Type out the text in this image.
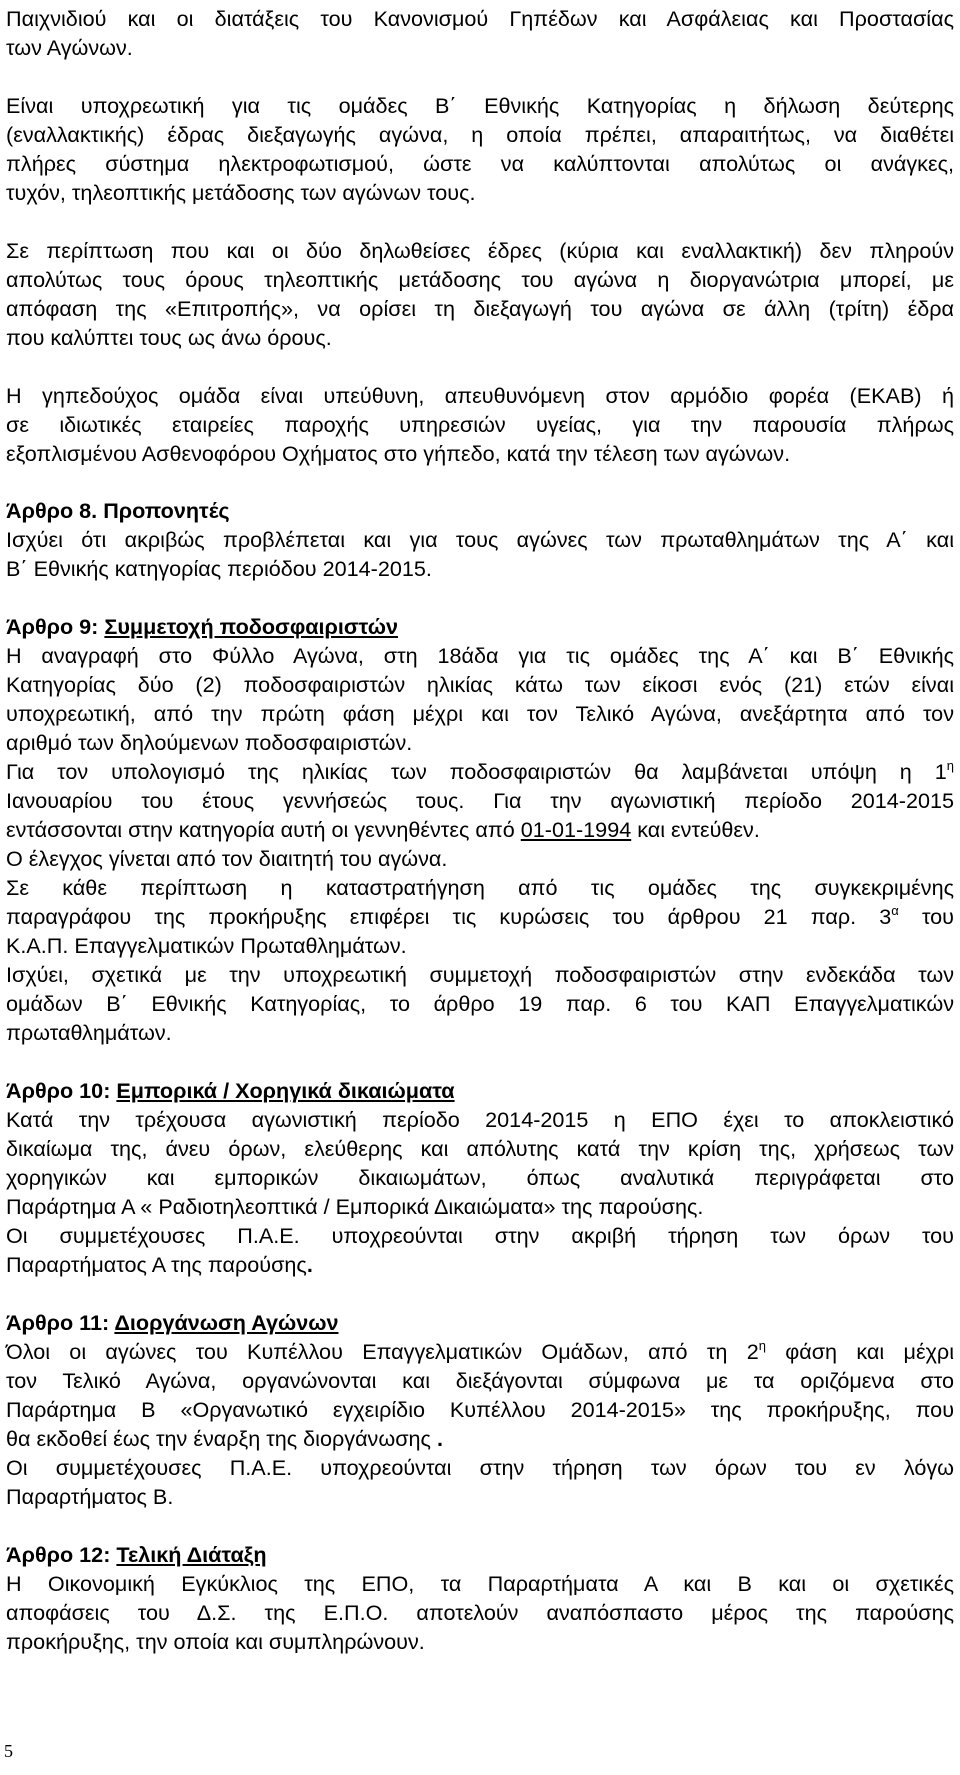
Παιχνιδιού και οι διατάξεις του Κανονισμού Γηπέδων και Ασφάλειας και Προστασίας
των Αγώνων.
Είναι υποχρεωτική για τις ομάδες Β΄ Εθνικής Κατηγορίας η δήλωση δεύτερης
(εναλλακτικής) έδρας διεξαγωγής αγώνα, η οποία πρέπει, απαραιτήτως, να διαθέτει
πλήρες σύστημα ηλεκτροφωτισμού, ώστε να καλύπτονται απολύτως οι ανάγκες,
τυχόν, τηλεοπτικής μετάδοσης των αγώνων τους.
Σε περίπτωση που και οι δύο δηλωθείσες έδρες (κύρια και εναλλακτική) δεν πληρούν
απολύτως τους όρους τηλεοπτικής μετάδοσης του αγώνα η διοργανώτρια μπορεί, με
απόφαση της «Επιτροπής», να ορίσει τη διεξαγωγή του αγώνα σε άλλη (τρίτη) έδρα
που καλύπτει τους ως άνω όρους.
Η γηπεδούχος ομάδα είναι υπεύθυνη, απευθυνόμενη στον αρμόδιο φορέα (ΕΚΑΒ) ή
σε ιδιωτικές εταιρείες παροχής υπηρεσιών υγείας, για την παρουσία πλήρως
εξοπλισμένου Ασθενοφόρου Οχήματος στο γήπεδο, κατά την τέλεση των αγώνων.
Άρθρο 8. Προπονητές
Ισχύει ότι ακριβώς προβλέπεται και για τους αγώνες των πρωταθλημάτων της Α΄ και
Β΄ Εθνικής κατηγορίας περιόδου 2014-2015.
Άρθρο 9: Συμμετοχή ποδοσφαιριστών
Η αναγραφή στο Φύλλο Αγώνα, στη 18άδα για τις ομάδες της Α΄ και Β΄ Εθνικής
Κατηγορίας δύο (2) ποδοσφαιριστών ηλικίας κάτω των είκοσι ενός (21) ετών είναι
υποχρεωτική, από την πρώτη φάση μέχρι και τον Τελικό Αγώνα, ανεξάρτητα από τον
αριθμό των δηλούμενων ποδοσφαιριστών.
Για τον υπολογισμό της ηλικίας των ποδοσφαιριστών θα λαμβάνεται υπόψη η $1^\eta$
Ιανουαρίου του έτους γεννήσεώς τους. Για την αγωνιστική περίοδο 2014-2015
εντάσσονται στην κατηγορία αυτή οι γεννηθέντες από 01-01-1994 και εντεύθεν.
Ο έλεγχος γίνεται από τον διαιτητή του αγώνα.
Σε κάθε περίπτωση η καταστρατήγηση από τις ομάδες της συγκεκριμένης
παραγράφου της προκήρυξης επιφέρει τις κυρώσεις του άρθρου 21 παρ. $3^\alpha$ του
Κ.Α.Π. Επαγγελματικών Πρωταθλημάτων.
Ισχύει, σχετικά με την υποχρεωτική συμμετοχή ποδοσφαιριστών στην ενδεκάδα των
ομάδων Β΄ Εθνικής Κατηγορίας, το άρθρο 19 παρ. 6 του ΚΑΠ Επαγγελματικών
πρωταθλημάτων.
Άρθρο 10: Εμπορικά / Χορηγικά δικαιώματα
Κατά την τρέχουσα αγωνιστική περίοδο 2014-2015 η ΕΠΟ έχει το αποκλειστικό
δικαίωμα της, άνευ όρων, ελεύθερης και απόλυτης κατά την κρίση της, χρήσεως των
χορηγικών και εμπορικών δικαιωμάτων, όπως αναλυτικά περιγράφεται στο
Παράρτημα Α « Ραδιοτηλεοπτικά / Εμπορικά Δικαιώματα» της παρούσης.
Οι συμμετέχουσες Π.Α.Ε. υποχρεούνται στην ακριβή τήρηση των όρων του
Παραρτήματος Α της παρούσης.
Άρθρο 11: Διοργάνωση Αγώνων
Όλοι οι αγώνες του Κυπέλλου Επαγγελματικών Ομάδων, από τη $2^\eta$ φάση και μέχρι
τον Τελικό Αγώνα, οργανώνονται και διεξάγονται σύμφωνα με τα οριζόμενα στο
Παράρτημα Β «Οργανωτικό εγχειρίδιο Κυπέλλου 2014-2015» της προκήρυξης, που
θα εκδοθεί έως την έναρξη της διοργάνωσης .
Οι συμμετέχουσες Π.Α.Ε. υποχρεούνται στην τήρηση των όρων του εν λόγω
Παραρτήματος Β.
Άρθρο 12: Τελική Διάταξη
Η Οικονομική Εγκύκλιος της ΕΠΟ, τα Παραρτήματα Α και Β και οι σχετικές
αποφάσεις του Δ.Σ. της Ε.Π.Ο. αποτελούν αναπόσπαστο μέρος της παρούσης
προκήρυξης, την οποία και συμπληρώνουν.
5
